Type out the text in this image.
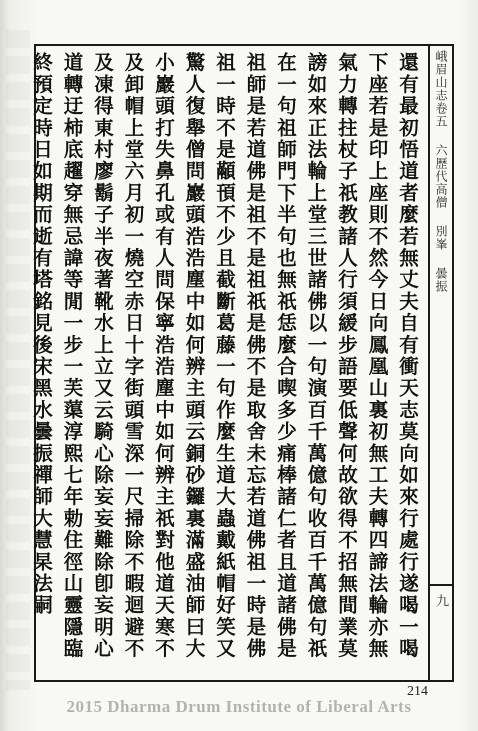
峨眉山志卷五六歷代高僧別峯曇振
九

還有最初悟道者麼若無丈夫自有衝天志莫向如來行處行遂喝一喝下座若是印上座則不然今日向鳳凰山裏初無工夫轉四諦法輪亦無氣力轉拄杖子祇教諸人行須緩步語要低聲何故欲得不招無間業莫謗如來正法輪上堂三世諸佛以一句演百千萬億句收百千萬億句祇在一句祖師門下半句也無祇恁麼合喫多少痛棒諸仁者且道諸佛是祖師是若道佛是祖不是祖祇是佛不是取舍未忘若道佛祖一時是佛祖一時不是顢頇不少且截斷葛藤一句作麼生道大蟲戴紙帽好笑又驚人復舉僧問巖頭浩浩塵中如何辨主頭云銅砂鑼裏滿盛油師曰大小巖頭打失鼻孔或有人問保寧浩浩塵中如何辨主祇對他道天寒不及卸帽上堂六月初一燒空赤日十字街頭雪深一尺掃除不暇迴避不及凍得東村廖鬍子半夜著靴水上立又云騎心除妄妄難除卽妄明心道轉迂柿底趯穿無忌諱等閒一步一芙蕖淳熙七年勅住徑山靈隱臨終預定時日如期而逝有塔銘見後宋黑水曇振禪師大慧杲法嗣

214
2015 Dharma Drum Institute of Liberal Arts
